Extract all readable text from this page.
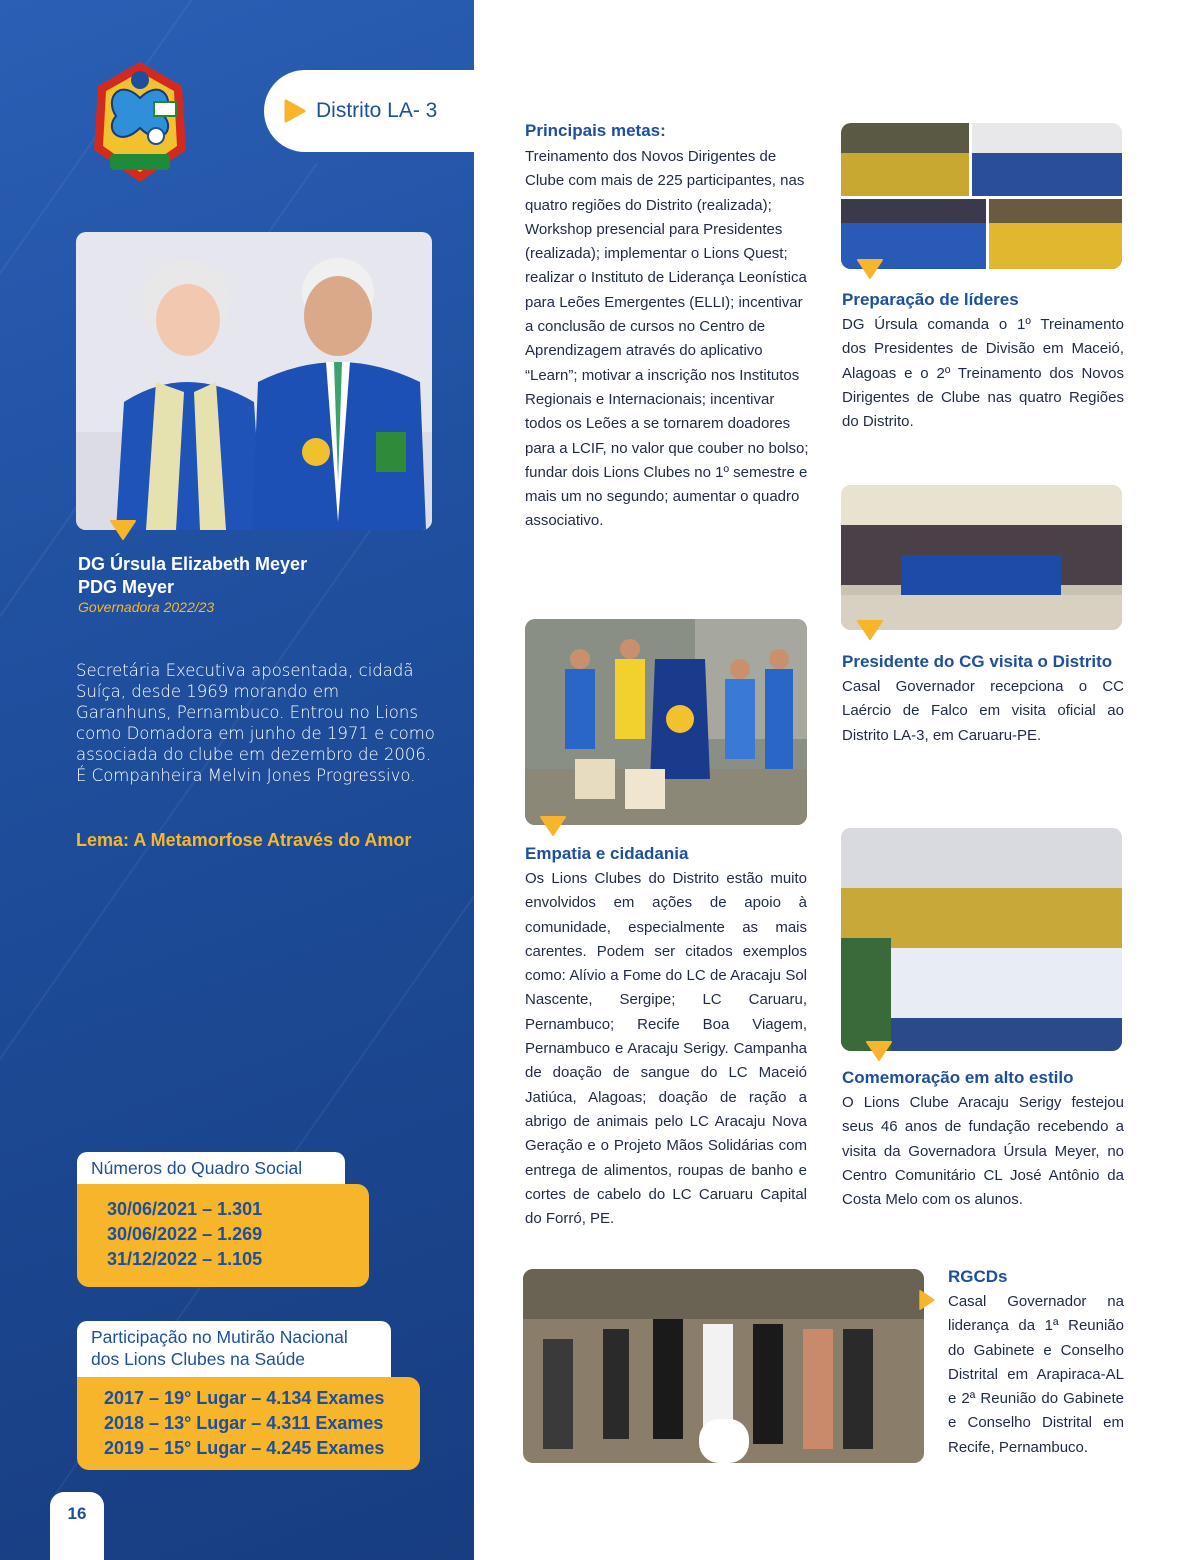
Distrito LA- 3
DG Úrsula Elizabeth Meyer
PDG Meyer
Governadora 2022/23
Secretária Executiva aposentada, cidadã Suíça, desde 1969 morando em Garanhuns, Pernambuco. Entrou no Lions como Domadora em junho de 1971 e como associada do clube em dezembro de 2006. É Companheira Melvin Jones Progressivo.
Lema: A Metamorfose Através do Amor
Números do Quadro Social
30/06/2021 – 1.301
30/06/2022 – 1.269
31/12/2022 – 1.105
Participação no Mutirão Nacional
dos Lions Clubes na Saúde
2017 – 19° Lugar – 4.134 Exames
2018 – 13° Lugar – 4.311 Exames
2019 – 15° Lugar – 4.245 Exames
16
Principais metas:
Treinamento dos Novos Dirigentes de Clube com mais de 225 participantes, nas quatro regiões do Distrito (realizada); Workshop presencial para Presidentes (realizada); implementar o Lions Quest; realizar o Instituto de Liderança Leonística para Leões Emergentes (ELLI); incentivar a conclusão de cursos no Centro de Aprendizagem através do aplicativo “Learn”; motivar a inscrição nos Institutos Regionais e Internacionais; incentivar todos os Leões a se tornarem doadores para a LCIF, no valor que couber no bolso; fundar dois Lions Clubes no 1º semestre e mais um no segundo; aumentar o quadro associativo.
Empatia e cidadania
Os Lions Clubes do Distrito estão muito envolvidos em ações de apoio à comunidade, especialmente as mais carentes. Podem ser citados exemplos como: Alívio a Fome do LC de Aracaju Sol Nascente, Sergipe; LC Caruaru, Pernambuco; Recife Boa Viagem, Pernambuco e Aracaju Serigy. Campanha de doação de sangue do LC Maceió Jatiúca, Alagoas; doação de ração a abrigo de animais pelo LC Aracaju Nova Geração e o Projeto Mãos Solidárias com entrega de alimentos, roupas de banho e cortes de cabelo do LC Caruaru Capital do Forró, PE.
Preparação de líderes
DG Úrsula comanda o 1º Treinamento dos Presidentes de Divisão em Maceió, Alagoas e o 2º Treinamento dos Novos Dirigentes de Clube nas quatro Regiões do Distrito.
Presidente do CG visita o Distrito
Casal Governador recepciona o CC Laércio de Falco em visita oficial ao Distrito LA-3, em Caruaru-PE.
Comemoração em alto estilo
O Lions Clube Aracaju Serigy festejou seus 46 anos de fundação recebendo a visita da Governadora Úrsula Meyer, no Centro Comunitário CL José Antônio da Costa Melo com os alunos.
RGCDs
Casal Governador na liderança da 1ª Reunião do Gabinete e Conselho Distrital em Arapiraca-AL e 2ª Reunião do Gabinete e Conselho Distrital em Recife, Pernambuco.
